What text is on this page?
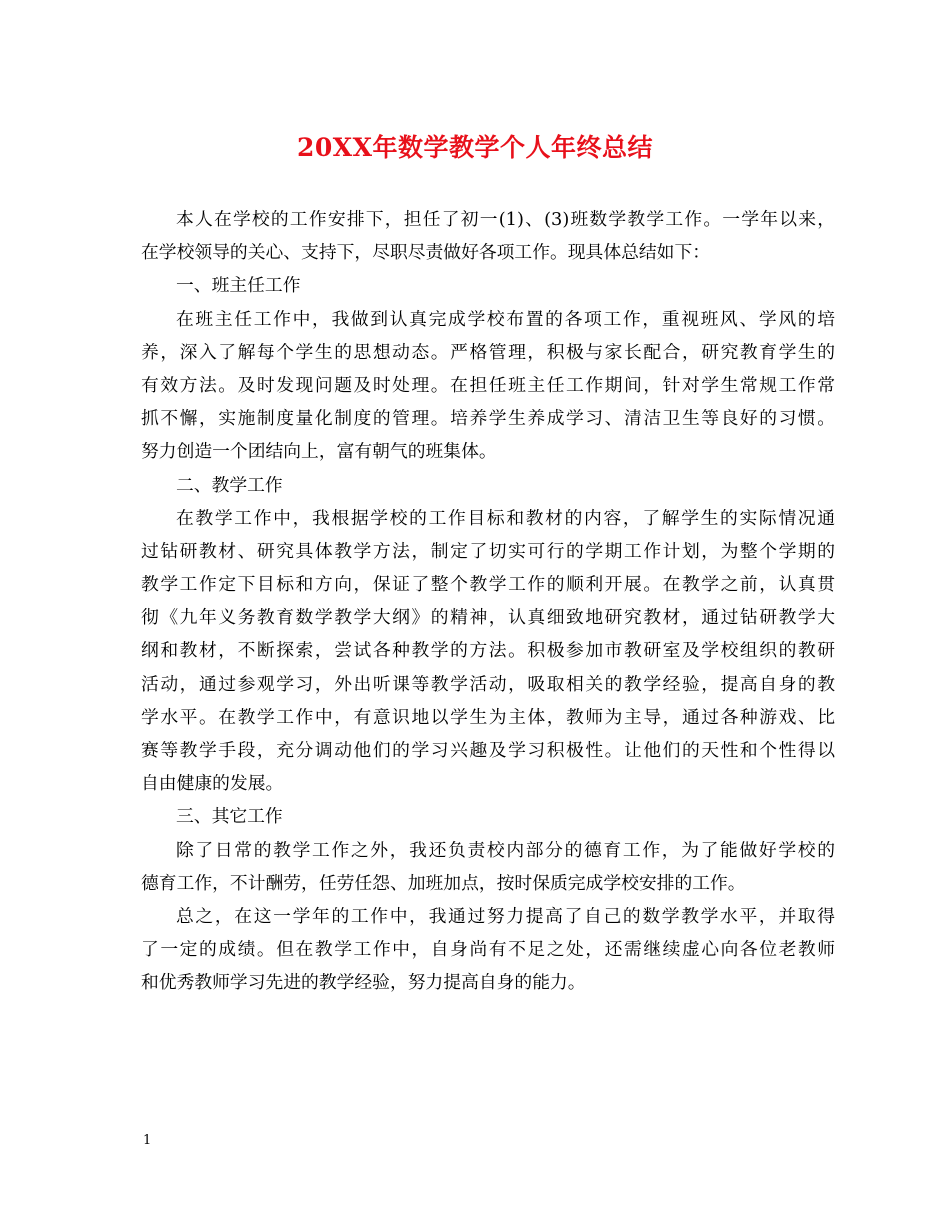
20XX年数学教学个人年终总结
本人在学校的工作安排下，担任了初一(1)、(3)班数学教学工作。一学年以来，
在学校领导的关心、支持下，尽职尽责做好各项工作。现具体总结如下：
一、班主任工作
在班主任工作中，我做到认真完成学校布置的各项工作，重视班风、学风的培
养，深入了解每个学生的思想动态。严格管理，积极与家长配合，研究教育学生的
有效方法。及时发现问题及时处理。在担任班主任工作期间，针对学生常规工作常
抓不懈，实施制度量化制度的管理。培养学生养成学习、清洁卫生等良好的习惯。
努力创造一个团结向上，富有朝气的班集体。
二、教学工作
在教学工作中，我根据学校的工作目标和教材的内容，了解学生的实际情况通
过钻研教材、研究具体教学方法，制定了切实可行的学期工作计划，为整个学期的
教学工作定下目标和方向，保证了整个教学工作的顺利开展。在教学之前，认真贯
彻《九年义务教育数学教学大纲》的精神，认真细致地研究教材，通过钻研教学大
纲和教材，不断探索，尝试各种教学的方法。积极参加市教研室及学校组织的教研
活动，通过参观学习，外出听课等教学活动，吸取相关的教学经验，提高自身的教
学水平。在教学工作中，有意识地以学生为主体，教师为主导，通过各种游戏、比
赛等教学手段，充分调动他们的学习兴趣及学习积极性。让他们的天性和个性得以
自由健康的发展。
三、其它工作
除了日常的教学工作之外，我还负责校内部分的德育工作，为了能做好学校的
德育工作，不计酬劳，任劳任怨、加班加点，按时保质完成学校安排的工作。
总之，在这一学年的工作中，我通过努力提高了自己的数学教学水平，并取得
了一定的成绩。但在教学工作中，自身尚有不足之处，还需继续虚心向各位老教师
和优秀教师学习先进的教学经验，努力提高自身的能力。
1
